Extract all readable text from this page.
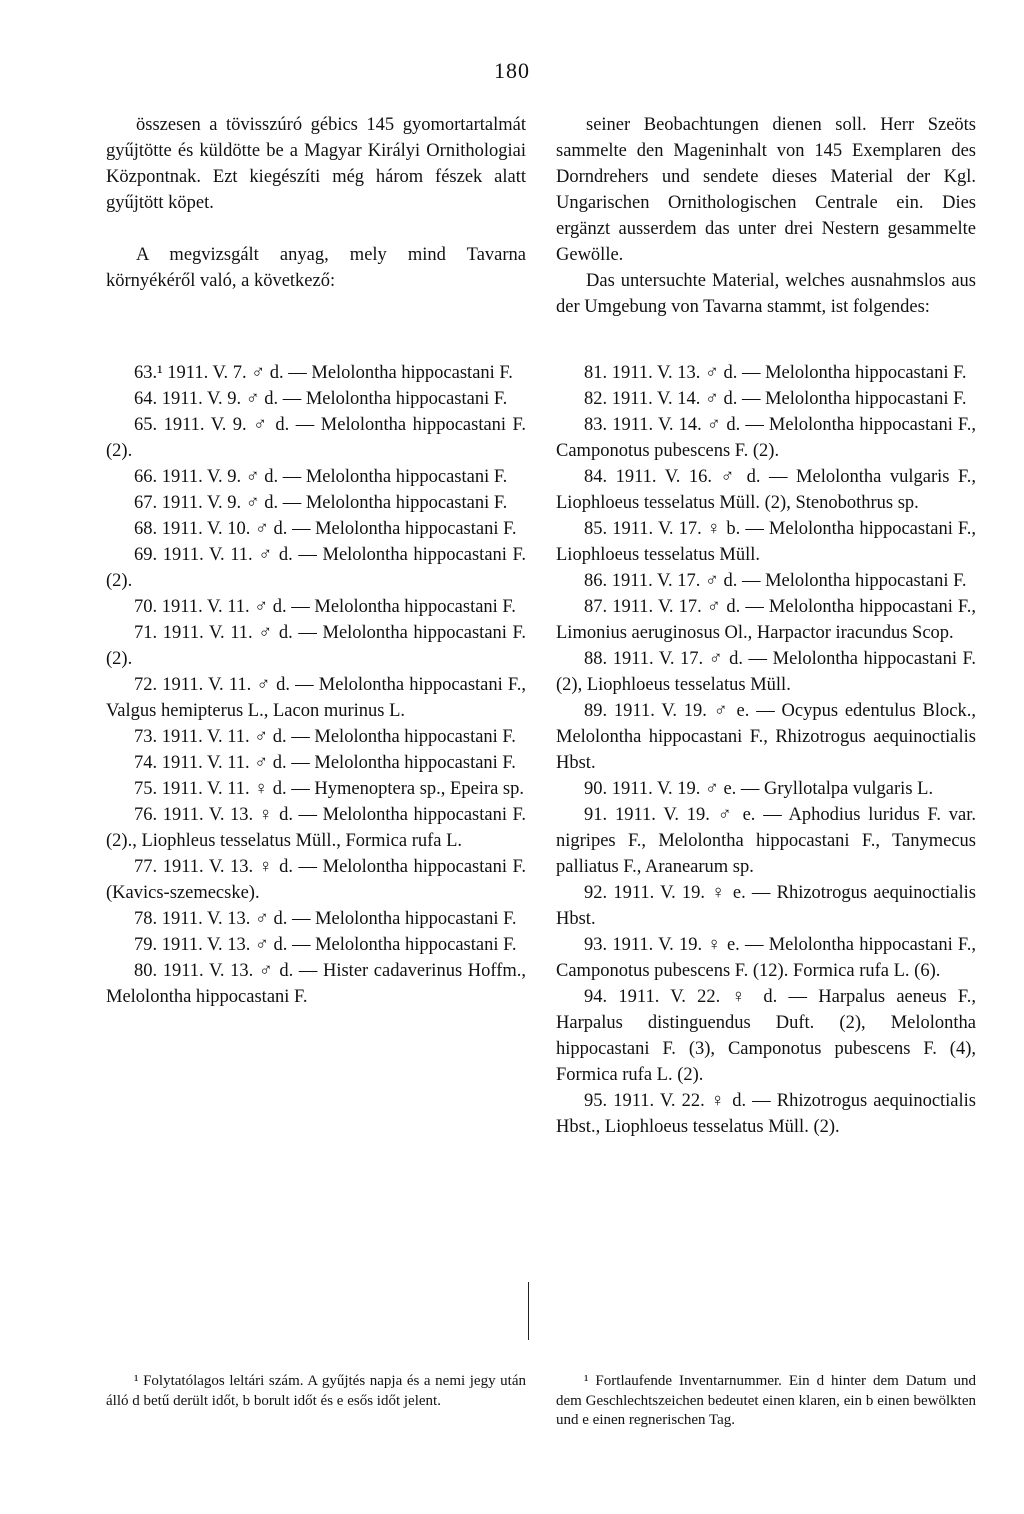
180

összesen a tövisszúró gébics 145 gyomortartalmát gyűjtötte és küldötte be a Magyar Királyi Ornithologiai Központnak. Ezt kiegészíti még három fészek alatt gyűjtött köpet.

A megvizsgált anyag, mely mind Tavarna környékéről való, a következő:

seiner Beobachtungen dienen soll. Herr Szeöts sammelte den Mageninhalt von 145 Exemplaren des Dorndrehers und sendete dieses Material der Kgl. Ungarischen Ornithologischen Centrale ein. Dies ergänzt ausserdem das unter drei Nestern gesammelte Gewölle.

Das untersuchte Material, welches ausnahmslos aus der Umgebung von Tavarna stammt, ist folgendes:

63.¹ 1911. V. 7. ♂ d. — Melolontha hippocastani F.

64. 1911. V. 9. ♂ d. — Melolontha hippocastani F.

65. 1911. V. 9. ♂ d. — Melolontha hippocastani F. (2).

66. 1911. V. 9. ♂ d. — Melolontha hippocastani F.

67. 1911. V. 9. ♂ d. — Melolontha hippocastani F.

68. 1911. V. 10. ♂ d. — Melolontha hippocastani F.

69. 1911. V. 11. ♂ d. — Melolontha hippocastani F. (2).

70. 1911. V. 11. ♂ d. — Melolontha hippocastani F.

71. 1911. V. 11. ♂ d. — Melolontha hippocastani F. (2).

72. 1911. V. 11. ♂ d. — Melolontha hippocastani F., Valgus hemipterus L., Lacon murinus L.

73. 1911. V. 11. ♂ d. — Melolontha hippocastani F.

74. 1911. V. 11. ♂ d. — Melolontha hippocastani F.

75. 1911. V. 11. ♀ d. — Hymenoptera sp., Epeira sp.

76. 1911. V. 13. ♀ d. — Melolontha hippocastani F. (2)., Liophleus tesselatus Müll., Formica rufa L.

77. 1911. V. 13. ♀ d. — Melolontha hippocastani F. (Kavics-szemecske).

78. 1911. V. 13. ♂ d. — Melolontha hippocastani F.

79. 1911. V. 13. ♂ d. — Melolontha hippocastani F.

80. 1911. V. 13. ♂ d. — Hister cadaverinus Hoffm., Melolontha hippocastani F.

81. 1911. V. 13. ♂ d. — Melolontha hippocastani F.

82. 1911. V. 14. ♂ d. — Melolontha hippocastani F.

83. 1911. V. 14. ♂ d. — Melolontha hippocastani F., Camponotus pubescens F. (2).

84. 1911. V. 16. ♂ d. — Melolontha vulgaris F., Liophloeus tesselatus Müll. (2), Stenobothrus sp.

85. 1911. V. 17. ♀ b. — Melolontha hippocastani F., Liophloeus tesselatus Müll.

86. 1911. V. 17. ♂ d. — Melolontha hippocastani F.

87. 1911. V. 17. ♂ d. — Melolontha hippocastani F., Limonius aeruginosus Ol., Harpactor iracundus Scop.

88. 1911. V. 17. ♂ d. — Melolontha hippocastani F. (2), Liophloeus tesselatus Müll.

89. 1911. V. 19. ♂ e. — Ocypus edentulus Block., Melolontha hippocastani F., Rhizotrogus aequinoctialis Hbst.

90. 1911. V. 19. ♂ e. — Gryllotalpa vulgaris L.

91. 1911. V. 19. ♂ e. — Aphodius luridus F. var. nigripes F., Melolontha hippocastani F., Tanymecus palliatus F., Aranearum sp.

92. 1911. V. 19. ♀ e. — Rhizotrogus aequinoctialis Hbst.

93. 1911. V. 19. ♀ e. — Melolontha hippocastani F., Camponotus pubescens F. (12). Formica rufa L. (6).

94. 1911. V. 22. ♀ d. — Harpalus aeneus F., Harpalus distinguendus Duft. (2), Melolontha hippocastani F. (3), Camponotus pubescens F. (4), Formica rufa L. (2).

95. 1911. V. 22. ♀ d. — Rhizotrogus aequinoctialis Hbst., Liophloeus tesselatus Müll. (2).

¹ Folytatólagos leltári szám. A gyűjtés napja és a nemi jegy után álló d betű derült időt, b borult időt és e esős időt jelent.

¹ Fortlaufende Inventarnummer. Ein d hinter dem Datum und dem Geschlechtszeichen bedeutet einen klaren, ein b einen bewölkten und e einen regnerischen Tag.
